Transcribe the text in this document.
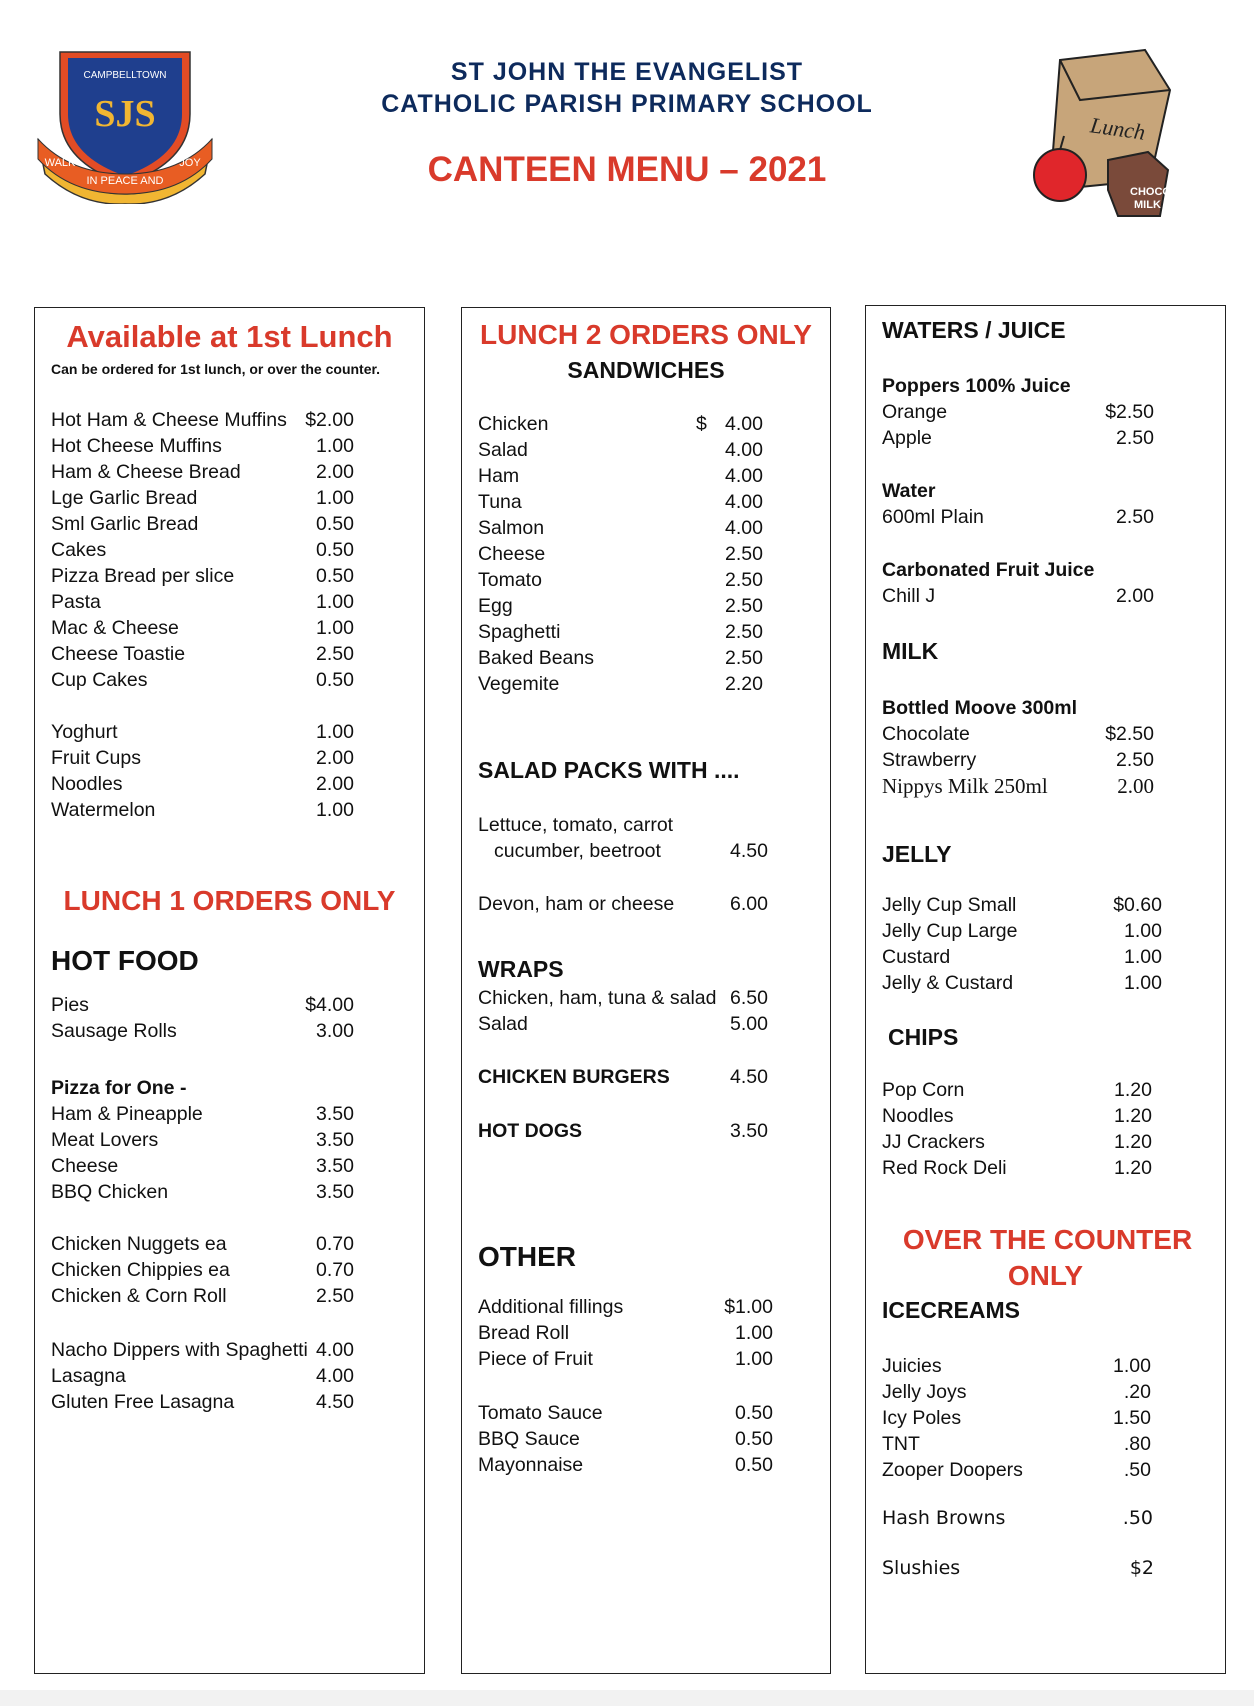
CAMPBELLTOWN
SJS
WALK	JOY
IN PEACE AND
ST JOHN THE EVANGELIST
CATHOLIC PARISH PRIMARY SCHOOL
CANTEEN MENU – 2021
Lunch
CHOCO
MILK
Available at 1st Lunch
Can be ordered for 1st lunch, or over the counter.
Hot Ham & Cheese Muffins $2.00
Hot Cheese Muffins	1.00
Ham & Cheese Bread	2.00
Lge Garlic Bread	1.00
Sml Garlic Bread	0.50
Cakes	0.50
Pizza Bread per slice	0.50
Pasta	1.00
Mac & Cheese	1.00
Cheese Toastie	2.50
Cup Cakes	0.50
Yoghurt	1.00
Fruit Cups	2.00
Noodles	2.00
Watermelon	1.00
LUNCH 1 ORDERS ONLY
HOT FOOD
Pies	$4.00
Sausage Rolls	3.00
Pizza for One -
Ham & Pineapple	3.50
Meat Lovers	3.50
Cheese	3.50
BBQ Chicken	3.50
Chicken Nuggets ea	0.70
Chicken Chippies ea	0.70
Chicken & Corn Roll	2.50
Nacho Dippers with Spaghetti 4.00
Lasagna	4.00
Gluten Free Lasagna	4.50
LUNCH 2 ORDERS ONLY
SANDWICHES
$
Chicken	4.00
Salad	4.00
Ham	4.00
Tuna	4.00
Salmon	4.00
Cheese	2.50
Tomato	2.50
Egg	2.50
Spaghetti	2.50
Baked Beans	2.50
Vegemite	2.20
SALAD PACKS WITH ....
Lettuce, tomato, carrot
cucumber, beetroot	4.50
Devon, ham or cheese	6.00
WRAPS
Chicken, ham, tuna & salad 6.50
Salad	5.00
CHICKEN BURGERS	4.50
HOT DOGS	3.50
OTHER
Additional fillings	$1.00
Bread Roll	1.00
Piece of Fruit	1.00
Tomato Sauce	0.50
BBQ Sauce	0.50
Mayonnaise	0.50
WATERS / JUICE
Poppers 100% Juice
Orange	$2.50
Apple	2.50
Water
600ml Plain	2.50
Carbonated Fruit Juice
Chill J	2.00
MILK
Bottled Moove 300ml
Chocolate	$2.50
Strawberry	2.50
Nippys Milk 250ml	2.00
JELLY
Jelly Cup Small	$0.60
Jelly Cup Large	1.00
Custard	1.00
Jelly & Custard	1.00
CHIPS
Pop Corn	1.20
Noodles	1.20
JJ Crackers	1.20
Red Rock Deli	1.20
OVER THE COUNTER
ONLY
ICECREAMS
Juicies	1.00
Jelly Joys	.20
Icy Poles	1.50
TNT	.80
Zooper Doopers	.50
Hash Browns	.50
Slushies	$2
